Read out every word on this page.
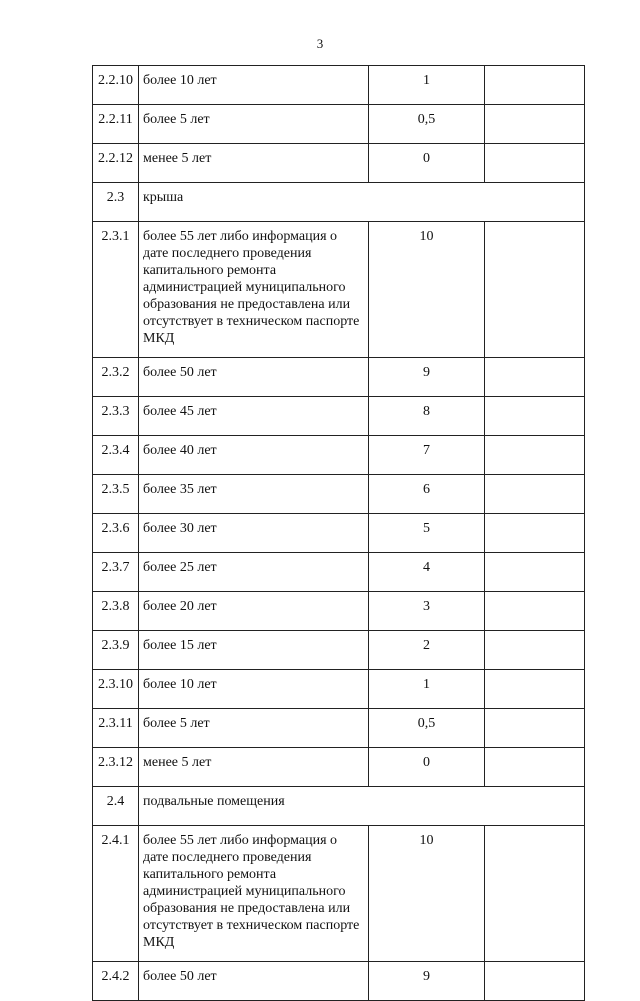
3
2.2.10	более 10 лет	1	
2.2.11	более 5 лет	0,5	
2.2.12	менее 5 лет	0	
2.3	крыша		
2.3.1	более 55 лет либо информация о дате последнего проведения капитального ремонта администрацией муниципального образования не предоставлена или отсутствует в техническом паспорте МКД	10	
2.3.2	более 50 лет	9	
2.3.3	более 45 лет	8	
2.3.4	более 40 лет	7	
2.3.5	более 35 лет	6	
2.3.6	более 30 лет	5	
2.3.7	более 25 лет	4	
2.3.8	более 20 лет	3	
2.3.9	более 15 лет	2	
2.3.10	более 10 лет	1	
2.3.11	более 5 лет	0,5	
2.3.12	менее 5 лет	0	
2.4	подвальные помещения		
2.4.1	более 55 лет либо информация о дате последнего проведения капитального ремонта администрацией муниципального образования не предоставлена или отсутствует в техническом паспорте МКД	10	
2.4.2	более 50 лет	9	
